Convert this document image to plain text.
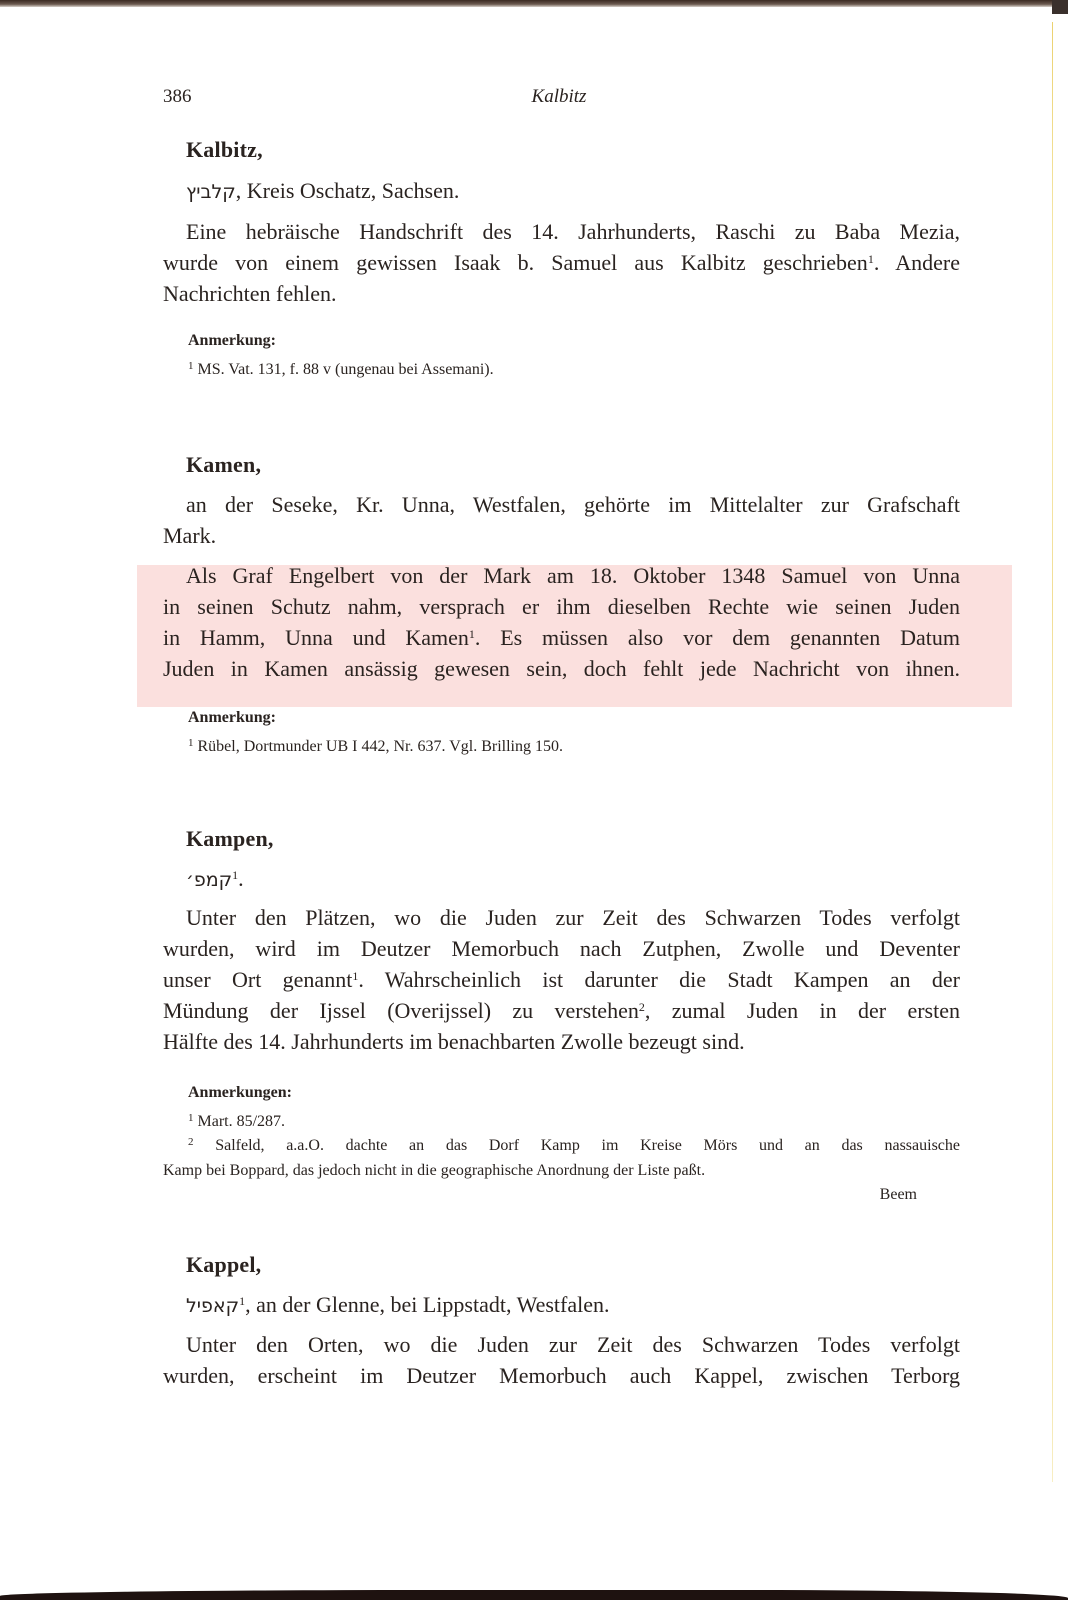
386	Kalbitz
Kalbitz,
קלביץ, Kreis Oschatz, Sachsen.
Eine hebräische Handschrift des 14. Jahrhunderts, Raschi zu Baba Mezia,
wurde von einem gewissen Isaak b. Samuel aus Kalbitz geschrieben$^1$. Andere
Nachrichten fehlen.
Anmerkung:
$^1$ MS. Vat. 131, f. 88 v (ungenau bei Assemani).
Kamen,
an der Seseke, Kr. Unna, Westfalen, gehörte im Mittelalter zur Grafschaft
Mark.
Als Graf Engelbert von der Mark am 18. Oktober 1348 Samuel von Unna
in seinen Schutz nahm, versprach er ihm dieselben Rechte wie seinen Juden
in Hamm, Unna und Kamen$^1$. Es müssen also vor dem genannten Datum
Juden in Kamen ansässig gewesen sein, doch fehlt jede Nachricht von ihnen.
Anmerkung:
$^1$ Rübel, Dortmunder UB I 442, Nr. 637. Vgl. Brilling 150.
Kampen,
קמפ׳$^1$.
Unter den Plätzen, wo die Juden zur Zeit des Schwarzen Todes verfolgt
wurden, wird im Deutzer Memorbuch nach Zutphen, Zwolle und Deventer
unser Ort genannt$^1$. Wahrscheinlich ist darunter die Stadt Kampen an der
Mündung der Ijssel (Overijssel) zu verstehen$^2$, zumal Juden in der ersten
Hälfte des 14. Jahrhunderts im benachbarten Zwolle bezeugt sind.
Anmerkungen:
$^1$ Mart. 85/287.
$^2$ Salfeld, a.a.O. dachte an das Dorf Kamp im Kreise Mörs und an das nassauische
Kamp bei Boppard, das jedoch nicht in die geographische Anordnung der Liste paßt.
Beem
Kappel,
קאפיל$^1$, an der Glenne, bei Lippstadt, Westfalen.
Unter den Orten, wo die Juden zur Zeit des Schwarzen Todes verfolgt
wurden, erscheint im Deutzer Memorbuch auch Kappel, zwischen Terborg
